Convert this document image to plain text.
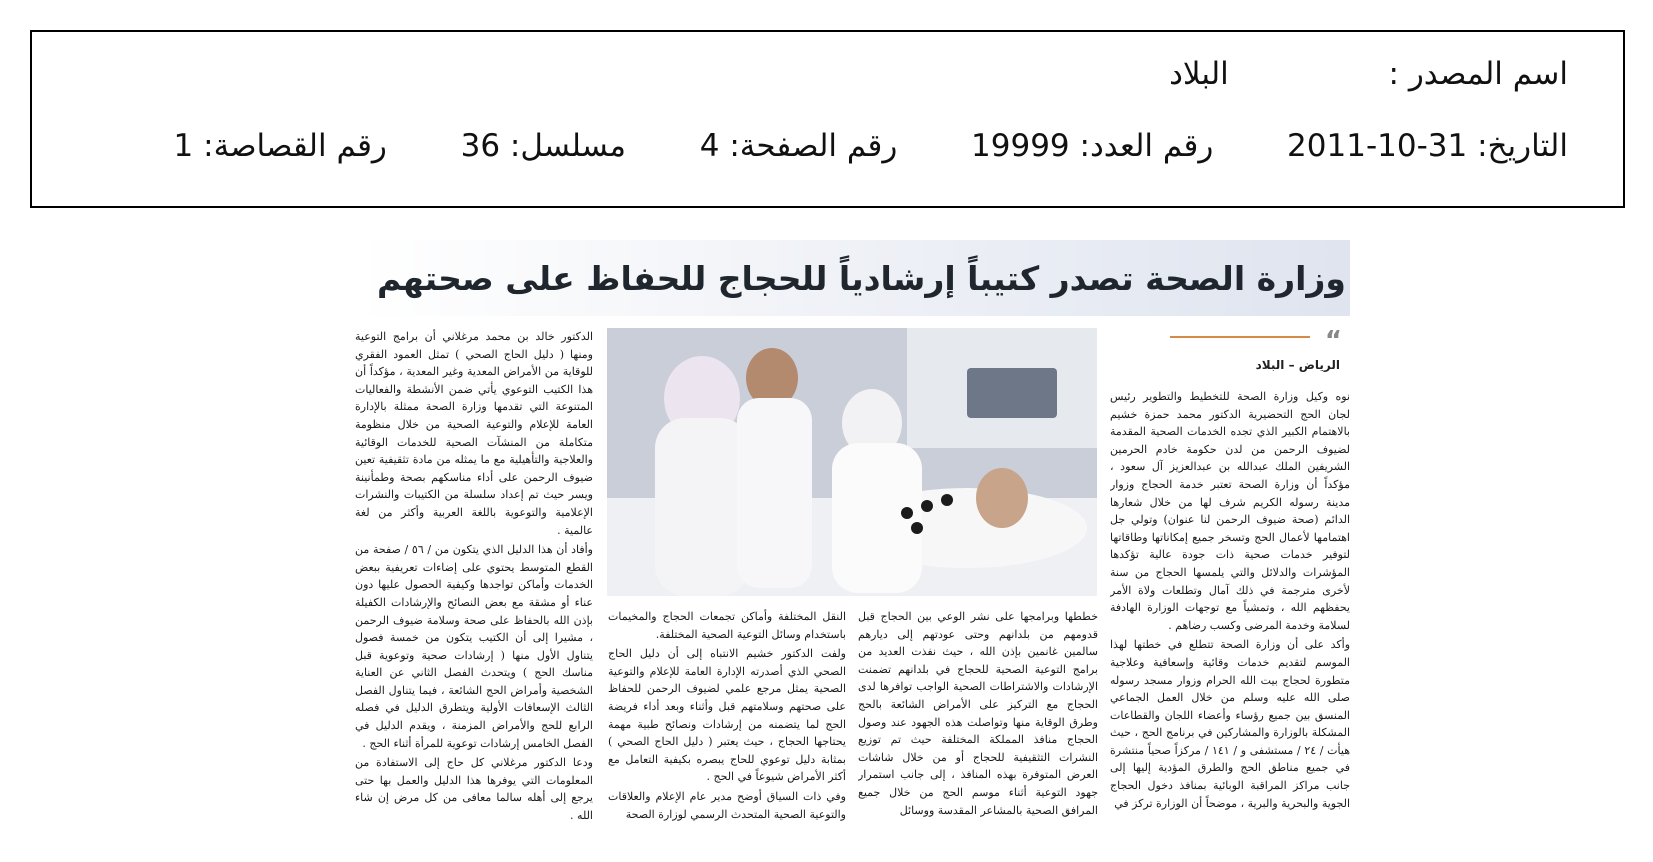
اسم المصدر :  البلاد
التاريخ: 2011-10-31  رقم العدد: 19999  رقم الصفحة: 4  مسلسل: 36  رقم القصاصة: 1
وزارة الصحة تصدر كتيباً إرشادياً للحجاج للحفاظ على صحتهم
“
الرياض – البلاد

نوه وكيل وزارة الصحة للتخطيط والتطوير رئيس لجان الحج التحضيرية الدكتور محمد حمزة خشيم بالاهتمام الكبير الذي تجده الخدمات الصحية المقدمة لضيوف الرحمن من لدن حكومة خادم الحرمين الشريفين الملك عبدالله بن عبدالعزيز آل سعود ، مؤكداً أن وزارة الصحة تعتبر خدمة الحجاج وزوار مدينة رسوله الكريم شرف لها من خلال شعارها الدائم (صحة ضيوف الرحمن لنا عنوان) وتولي جل اهتمامها لأعمال الحج وتسخر جميع إمكاناتها وطاقاتها لتوفير خدمات صحية ذات جودة عالية تؤكدها المؤشرات والدلائل والتي يلمسها الحجاج من سنة لأخرى مترجمة في ذلك آمال وتطلعات ولاة الأمر يحفظهم الله ، وتمشياً مع توجهات الوزارة الهادفة لسلامة وخدمة المرضى وكسب رضاهم .

وأكد على أن وزارة الصحة تتطلع في خطتها لهذا الموسم لتقديم خدمات وقائية وإسعافية وعلاجية متطورة لحجاج بيت الله الحرام وزوار مسجد رسوله صلى الله عليه وسلم من خلال العمل الجماعي المنسق بين جميع رؤساء وأعضاء اللجان والقطاعات المشكلة بالوزارة والمشاركين في برنامج الحج ، حيث هيأت / ٢٤ / مستشفى و / ١٤١ / مركزاً صحياً منتشرة في جميع مناطق الحج والطرق المؤدية إليها إلى جانب مراكز المراقبة الوبائية بمنافذ دخول الحجاج الجوية والبحرية والبرية ، موضحاً أن الوزارة تركز في

خططها وبرامجها على نشر الوعي بين الحجاج قبل قدومهم من بلدانهم وحتى عودتهم إلى ديارهم سالمين غانمين بإذن الله ، حيث نفذت العديد من برامج التوعية الصحية للحجاج في بلدانهم تضمنت الإرشادات والاشتراطات الصحية الواجب توافرها لدى الحجاج مع التركيز على الأمراض الشائعة بالحج وطرق الوقاية منها وتواصلت هذه الجهود عند وصول الحجاج منافذ المملكة المختلفة حيث تم توزيع النشرات التثقيفية للحجاج أو من خلال شاشات العرض المتوفرة بهذه المنافذ ، إلى جانب استمرار جهود التوعية أثناء موسم الحج من خلال جميع المرافق الصحية بالمشاعر المقدسة ووسائل

النقل المختلفة وأماكن تجمعات الحجاج والمخيمات باستخدام وسائل التوعية الصحية المختلفة.

ولفت الدكتور خشيم الانتباه إلى أن دليل الحاج الصحي الذي أصدرته الإدارة العامة للإعلام والتوعية الصحية يمثل مرجع علمي لضيوف الرحمن للحفاظ على صحتهم وسلامتهم قبل وأثناء وبعد أداء فريضة الحج لما يتضمنه من إرشادات ونصائح طبية مهمة يحتاجها الحجاج ، حيث يعتبر ( دليل الحاج الصحي ) بمثابة دليل توعوي للحاج يبصره بكيفية التعامل مع أكثر الأمراض شيوعاً في الحج .

وفي ذات السياق أوضح مدير عام الإعلام والعلاقات والتوعية الصحية المتحدث الرسمي لوزارة الصحة

الدكتور خالد بن محمد مرغلاني أن برامج التوعية ومنها ( دليل الحاج الصحي ) تمثل العمود الفقري للوقاية من الأمراض المعدية وغير المعدية ، مؤكداً أن هذا الكتيب التوعوي يأتي ضمن الأنشطة والفعاليات المتنوعة التي تقدمها وزارة الصحة ممثلة بالإدارة العامة للإعلام والتوعية الصحية من خلال منظومة متكاملة من المنشآت الصحية للخدمات الوقائية والعلاجية والتأهيلية مع ما يمثله من مادة تثقيفية تعين ضيوف الرحمن على أداء مناسكهم بصحة وطمأنينة ويسر حيث تم إعداد سلسلة من الكتيبات والنشرات الإعلامية والتوعوية باللغة العربية وأكثر من لغة عالمية .

وأفاد أن هذا الدليل الذي يتكون من / ٥٦ / صفحة من القطع المتوسط يحتوي على إضاءات تعريفية ببعض الخدمات وأماكن تواجدها وكيفية الحصول عليها دون عناء أو مشقة مع بعض النصائح والإرشادات الكفيلة بإذن الله بالحفاظ على صحة وسلامة ضيوف الرحمن ، مشيرا إلى أن الكتيب يتكون من خمسة فصول يتناول الأول منها ( إرشادات صحية وتوعوية قبل مناسك الحج ) ويتحدث الفصل الثاني عن العناية الشخصية وأمراض الحج الشائعة ، فيما يتناول الفصل الثالث الإسعافات الأولية ويتطرق الدليل في فصله الرابع للحج والأمراض المزمنة ، ويقدم الدليل في الفصل الخامس إرشادات توعوية للمرأة أثناء الحج .

ودعا الدكتور مرغلاني كل حاج إلى الاستفادة من المعلومات التي يوفرها هذا الدليل والعمل بها حتى يرجع إلى أهله سالما معافى من كل مرض إن شاء الله .
